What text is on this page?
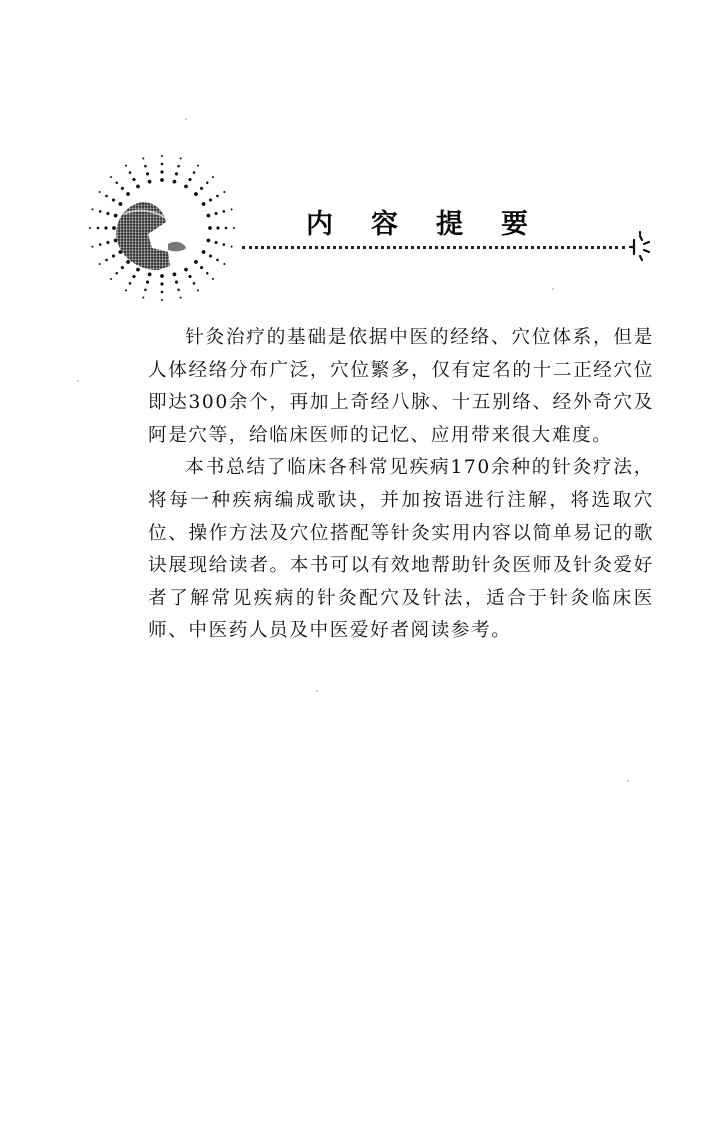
内容提要

针灸治疗的基础是依据中医的经络、穴位体系，但是人体经络分布广泛，穴位繁多，仅有定名的十二正经穴位即达300余个，再加上奇经八脉、十五别络、经外奇穴及阿是穴等，给临床医师的记忆、应用带来很大难度。

本书总结了临床各科常见疾病170余种的针灸疗法，将每一种疾病编成歌诀，并加按语进行注解，将选取穴位、操作方法及穴位搭配等针灸实用内容以简单易记的歌诀展现给读者。本书可以有效地帮助针灸医师及针灸爱好者了解常见疾病的针灸配穴及针法，适合于针灸临床医师、中医药人员及中医爱好者阅读参考。
